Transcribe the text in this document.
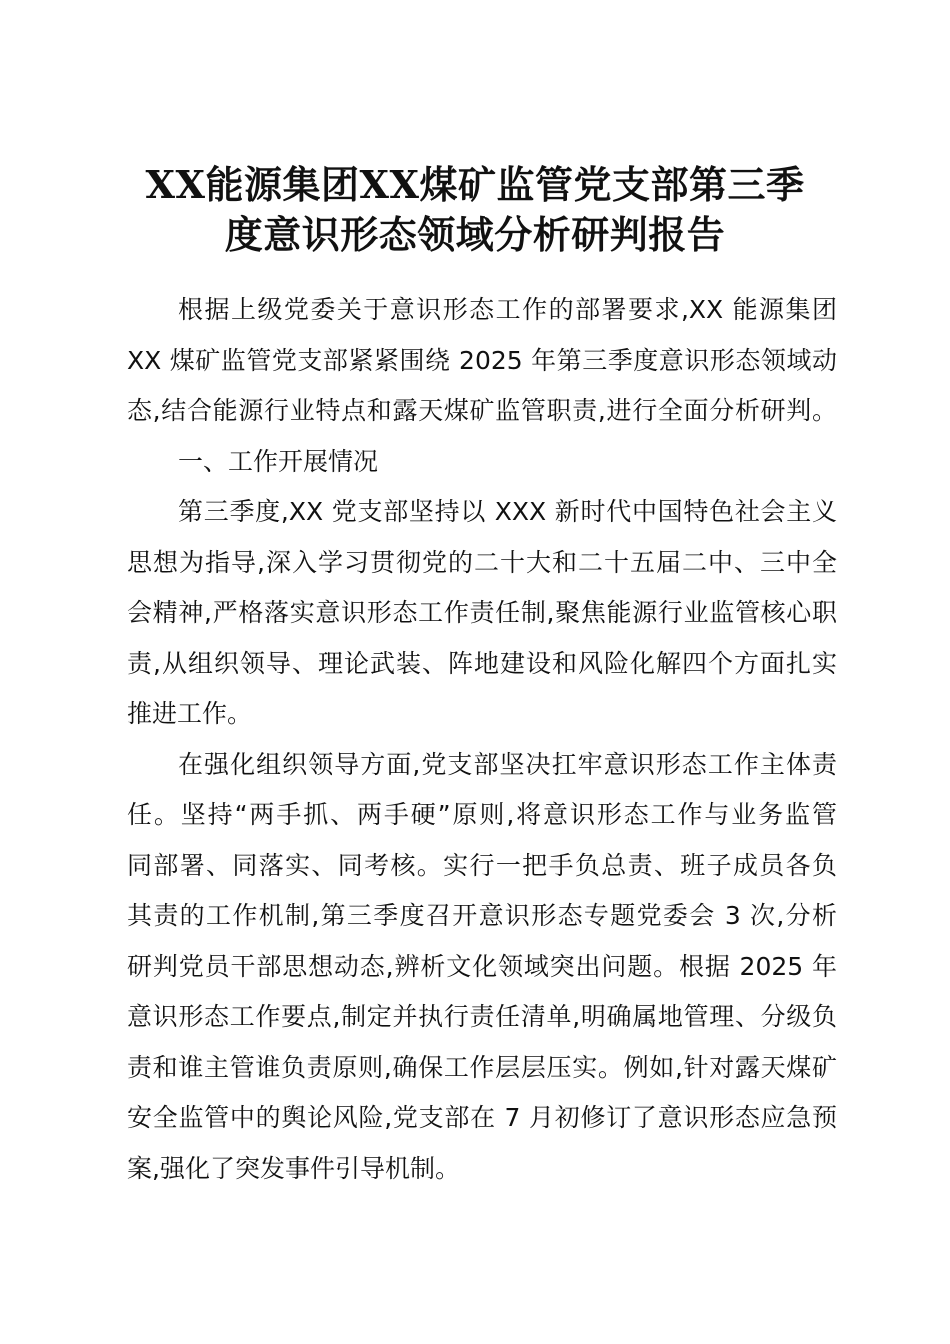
XX能源集团XX煤矿监管党支部第三季
度意识形态领域分析研判报告
根据上级党委关于意识形态工作的部署要求,XX 能源集团
XX 煤矿监管党支部紧紧围绕 2025 年第三季度意识形态领域动
态,结合能源行业特点和露天煤矿监管职责,进行全面分析研判。
一、工作开展情况
第三季度,XX 党支部坚持以 XXX 新时代中国特色社会主义
思想为指导,深入学习贯彻党的二十大和二十五届二中、三中全
会精神,严格落实意识形态工作责任制,聚焦能源行业监管核心职
责,从组织领导、理论武装、阵地建设和风险化解四个方面扎实
推进工作。
在强化组织领导方面,党支部坚决扛牢意识形态工作主体责
任。坚持“两手抓、两手硬”原则,将意识形态工作与业务监管
同部署、同落实、同考核。实行一把手负总责、班子成员各负
其责的工作机制,第三季度召开意识形态专题党委会 3 次,分析
研判党员干部思想动态,辨析文化领域突出问题。根据 2025 年
意识形态工作要点,制定并执行责任清单,明确属地管理、分级负
责和谁主管谁负责原则,确保工作层层压实。例如,针对露天煤矿
安全监管中的舆论风险,党支部在 7 月初修订了意识形态应急预
案,强化了突发事件引导机制。
